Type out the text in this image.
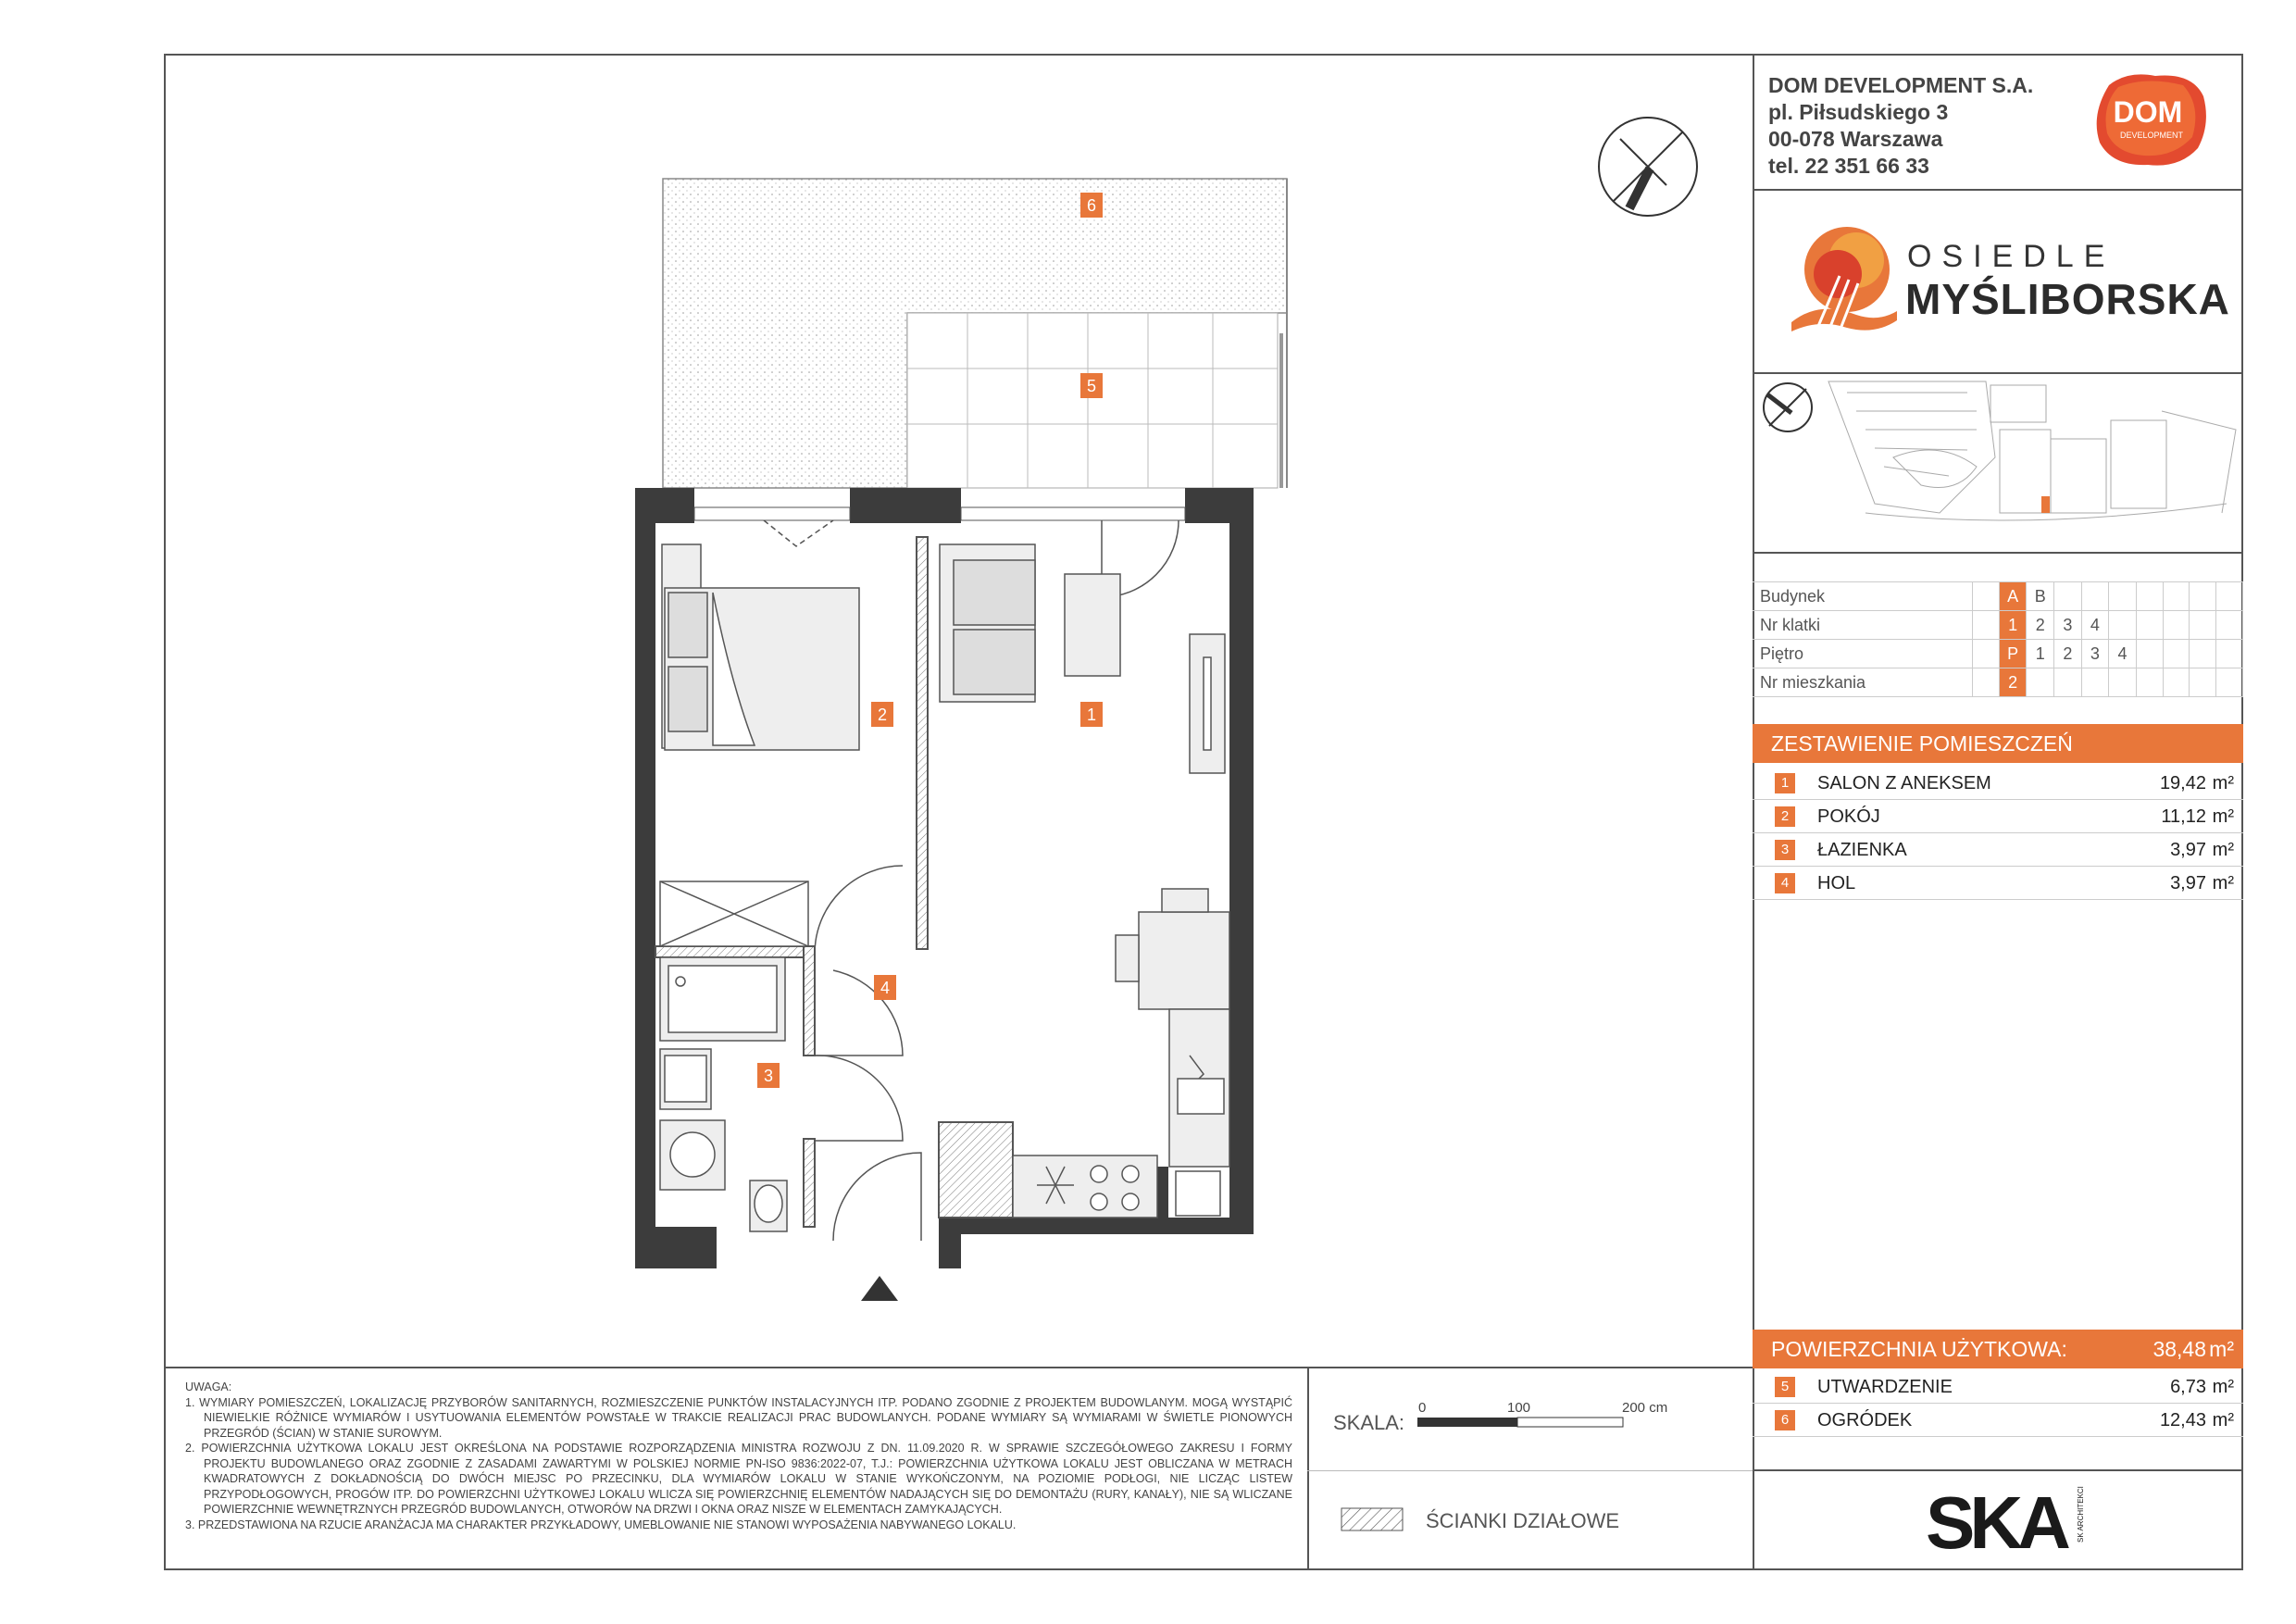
DOM DEVELOPMENT S.A.
pl. Piłsudskiego 3
00-078 Warszawa
tel. 22 351 66 33
DOM
DEVELOPMENT
OSIEDLE
MYŚLIBORSKA
Budynek		A	B							
Nr klatki		1	2	3	4					
Piętro		P	1	2	3	4				
Nr mieszkania		2								
ZESTAWIENIE POMIESZCZEŃ
1	SALON Z ANEKSEM	19,42 m²
2	POKÓJ	11,12 m²
3	ŁAZIENKA	3,97 m²
4	HOL	3,97 m²
POWIERZCHNIA UŻYTKOWA:	38,48 m²
5	UTWARDZENIE	6,73 m²
6	OGRÓDEK	12,43 m²
1
2
3
4
5
6
UWAGA:
1. WYMIARY POMIESZCZEŃ, LOKALIZACJĘ PRZYBORÓW SANITARNYCH, ROZMIESZCZENIE PUNKTÓW INSTALACYJNYCH ITP. PODANO ZGODNIE Z PROJEKTEM BUDOWLANYM. MOGĄ WYSTĄPIĆ NIEWIELKIE RÓŻNICE WYMIARÓW I USYTUOWANIA ELEMENTÓW POWSTAŁE W TRAKCIE REALIZACJI PRAC BUDOWLANYCH. PODANE WYMIARY SĄ WYMIARAMI W ŚWIETLE PIONOWYCH PRZEGRÓD (ŚCIAN) W STANIE SUROWYM.
2. POWIERZCHNIA UŻYTKOWA LOKALU JEST OKREŚLONA NA PODSTAWIE ROZPORZĄDZENIA MINISTRA ROZWOJU Z DN. 11.09.2020 R. W SPRAWIE SZCZEGÓŁOWEGO ZAKRESU I FORMY PROJEKTU BUDOWLANEGO ORAZ ZGODNIE Z ZASADAMI ZAWARTYMI W POLSKIEJ NORMIE PN-ISO 9836:2022-07, T.J.: POWIERZCHNIA UŻYTKOWA LOKALU JEST OBLICZANA W METRACH KWADRATOWYCH Z DOKŁADNOŚCIĄ DO DWÓCH MIEJSC PO PRZECINKU, DLA WYMIARÓW LOKALU W STANIE WYKOŃCZONYM, NA POZIOMIE PODŁOGI, NIE LICZĄC LISTEW PRZYPODŁOGOWYCH, PROGÓW ITP. DO POWIERZCHNI UŻYTKOWEJ LOKALU WLICZA SIĘ POWIERZCHNIĘ ELEMENTÓW NADAJĄCYCH SIĘ DO DEMONTAŻU (RURY, KANAŁY), NIE SĄ WLICZANE POWIERZCHNIE WEWNĘTRZNYCH PRZEGRÓD BUDOWLANYCH, OTWORÓW NA DRZWI I OKNA ORAZ NISZE W ELEMENTACH ZAMYKAJĄCYCH.
3. PRZEDSTAWIONA NA RZUCIE ARANŻACJA MA CHARAKTER PRZYKŁADOWY, UMEBLOWANIE NIE STANOWI WYPOSAŻENIA NABYWANEGO LOKALU.
SKALA:
0	100	200 cm
ŚCIANKI DZIAŁOWE	SKA	SK ARCHITEKCI
